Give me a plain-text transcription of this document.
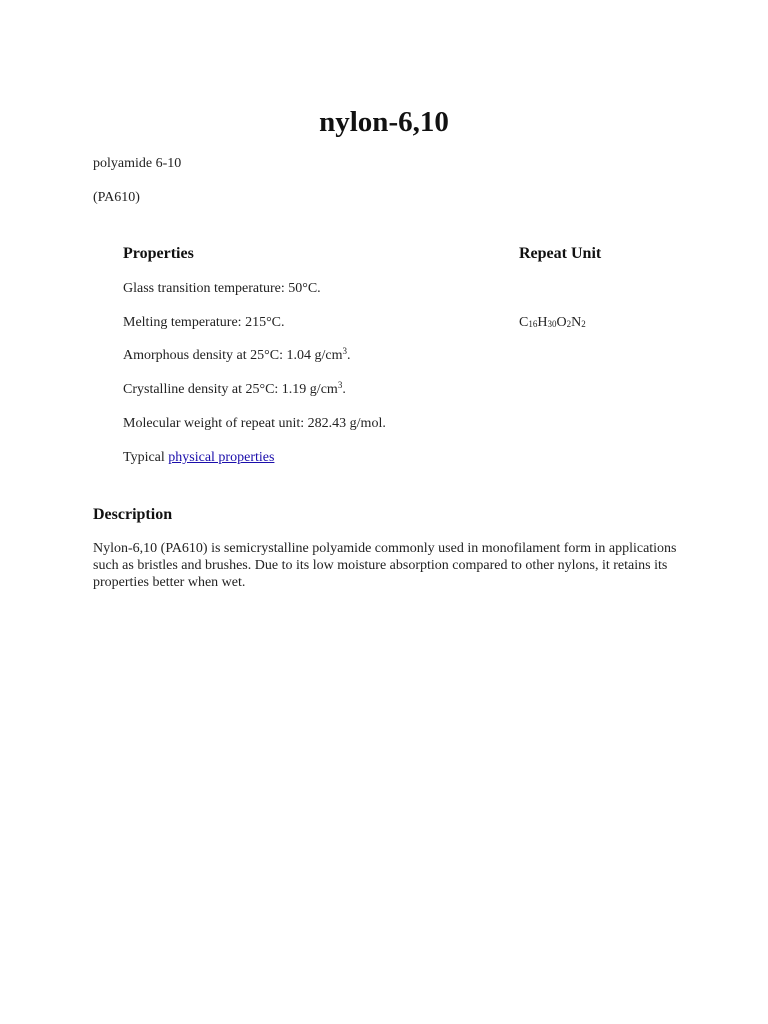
nylon-6,10
polyamide 6-10
(PA610)
Properties	Repeat Unit
Glass transition temperature: 50°C.
Melting temperature: 215°C.
Amorphous density at 25°C: 1.04 $g/cm^3$.
Crystalline density at 25°C: 1.19 $g/cm^3$.
Molecular weight of repeat unit: 282.43 g/mol.
Typical physical properties
$C_{16}H_{30}O_2N_2$
Description

Nylon-6,10 (PA610) is semicrystalline polyamide commonly used in monofilament form in applications such as bristles and brushes. Due to its low moisture absorption compared to other nylons, it retains its properties better when wet.
